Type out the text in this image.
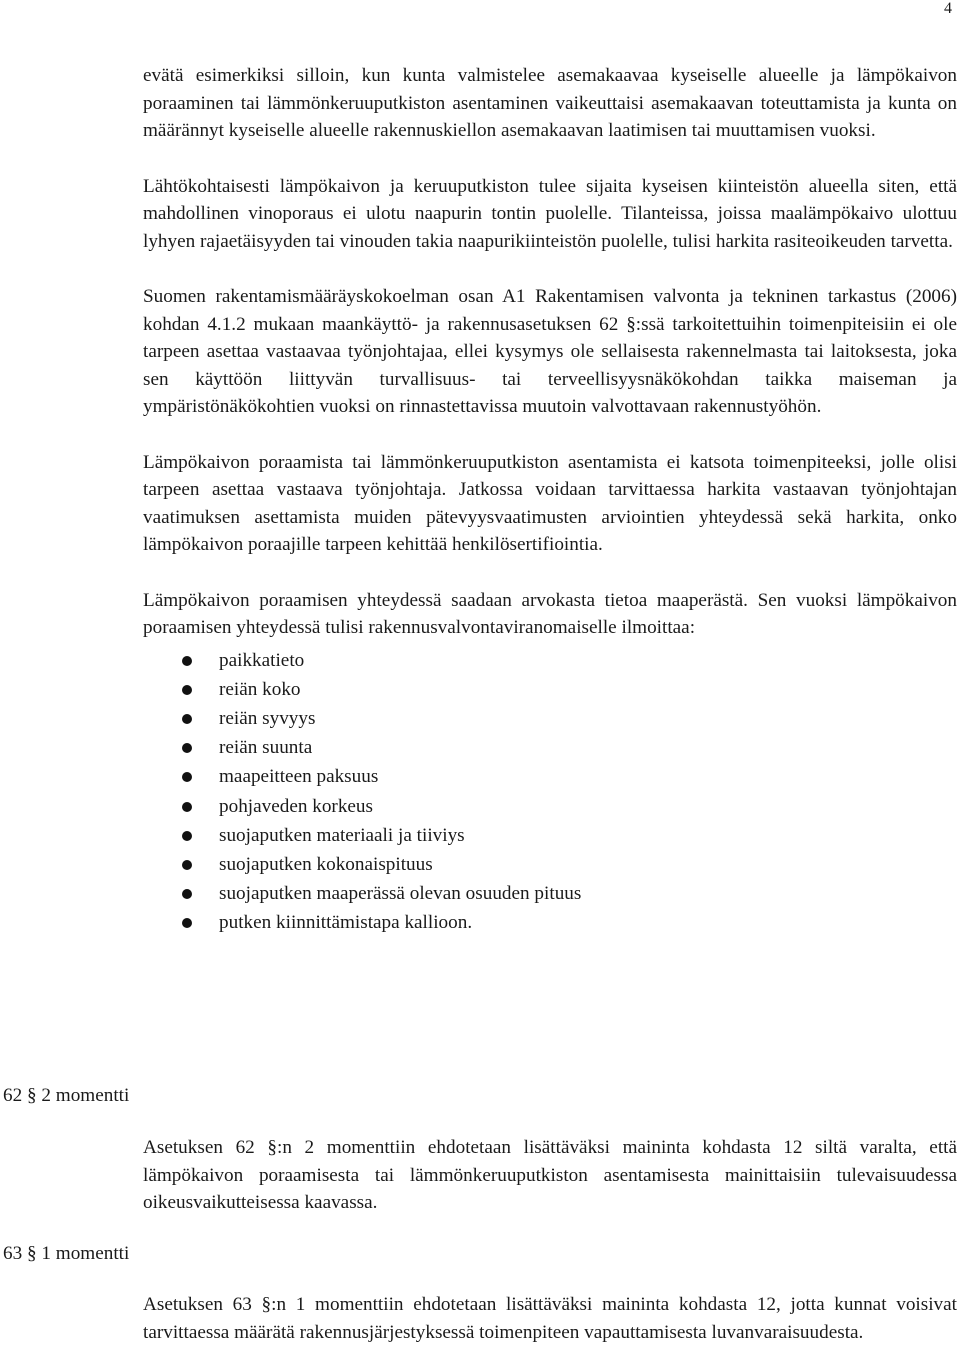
4

evätä esimerkiksi silloin, kun kunta valmistelee asemakaavaa kyseiselle alueelle ja lämpökaivon poraaminen tai lämmönkeruuputkiston asentaminen vaikeuttaisi asemakaavan toteuttamista ja kunta on määrännyt kyseiselle alueelle rakennuskiellon asemakaavan laatimisen tai muuttamisen vuoksi.

Lähtökohtaisesti lämpökaivon ja keruuputkiston tulee sijaita kyseisen kiinteistön alueella siten, että mahdollinen vinoporaus ei ulotu naapurin tontin puolelle. Tilanteissa, joissa maalämpökaivo ulottuu lyhyen rajaetäisyyden tai vinouden takia naapurikiinteistön puolelle, tulisi harkita rasiteoikeuden tarvetta.

Suomen rakentamismääräyskokoelman osan A1 Rakentamisen valvonta ja tekninen tarkastus (2006) kohdan 4.1.2 mukaan maankäyttö- ja rakennusasetuksen 62 §:ssä tarkoitettuihin toimenpiteisiin ei ole tarpeen asettaa vastaavaa työnjohtajaa, ellei kysymys ole sellaisesta rakennelmasta tai laitoksesta, joka sen käyttöön liittyvän turvallisuus- tai terveellisyysnäkökohdan taikka maiseman ja ympäristönäkökohtien vuoksi on rinnastettavissa muutoin valvottavaan rakennustyöhön.

Lämpökaivon poraamista tai lämmönkeruuputkiston asentamista ei katsota toimenpiteeksi, jolle olisi tarpeen asettaa vastaava työnjohtaja. Jatkossa voidaan tarvittaessa harkita vastaavan työnjohtajan vaatimuksen asettamista muiden pätevyysvaatimusten arviointien yhteydessä sekä harkita, onko lämpökaivon poraajille tarpeen kehittää henkilösertifiointia.

Lämpökaivon poraamisen yhteydessä saadaan arvokasta tietoa maaperästä. Sen vuoksi lämpökaivon poraamisen yhteydessä tulisi rakennusvalvontaviranomaiselle ilmoittaa:

paikkatieto
reiän koko
reiän syvyys
reiän suunta
maapeitteen paksuus
pohjaveden korkeus
suojaputken materiaali ja tiiviys
suojaputken kokonaispituus
suojaputken maaperässä olevan osuuden pituus
putken kiinnittämistapa kallioon.
62 § 2 momentti

Asetuksen 62 §:n 2 momenttiin ehdotetaan lisättäväksi maininta kohdasta 12 siltä varalta, että lämpökaivon poraamisesta tai lämmönkeruuputkiston asentamisesta mainittaisiin tulevaisuudessa oikeusvaikutteisessa kaavassa.

63 § 1 momentti

Asetuksen 63 §:n 1 momenttiin ehdotetaan lisättäväksi maininta kohdasta 12, jotta kunnat voisivat tarvittaessa määrätä rakennusjärjestyksessä toimenpiteen vapauttamisesta luvanvaraisuudesta.
